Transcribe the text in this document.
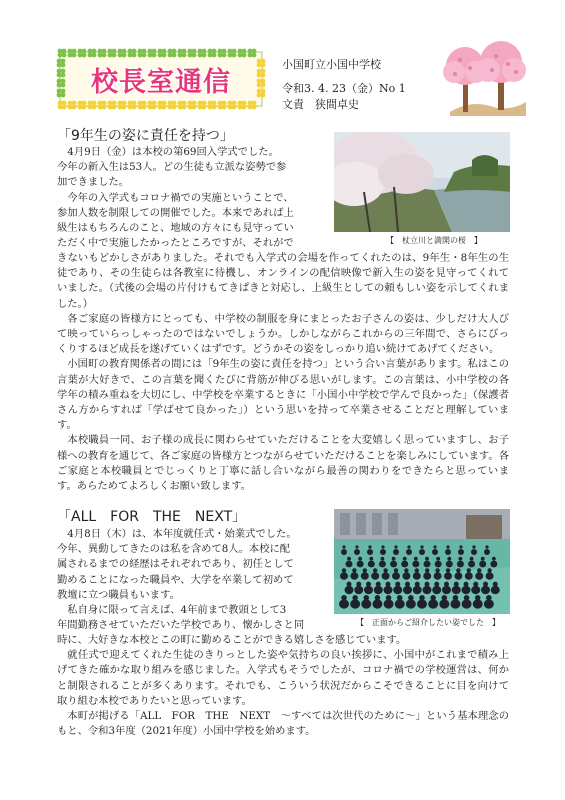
校長室通信
小国町立小国中学校
令和3. 4. 23（金）No 1
文責　狭間卓史
「9年生の姿に責任を持つ」
4月9日（金）は本校の第69回入学式でした。

今年の新入生は53人。どの生徒も立派な姿勢で参
加できました。
今年の入学式もコロナ禍での実施ということで、
参加人数を制限しての開催でした。本来であれば上
級生はもちろんのこと、地域の方々にも見守ってい
ただく中で実施したかったところですが、それがで	【　杖立川と満開の桜　】

きないもどかしさがありました。それでも入学式の会場を作ってくれたのは、9年生・8年生の生徒であり、その生徒らは各教室に待機し、オンラインの配信映像で新入生の姿を見守ってくれていました。（式後の会場の片付けもてきぱきと対応し、上級生としての頼もしい姿を示してくれました。）

各ご家庭の皆様方にとっても、中学校の制服を身にまとったお子さんの姿は、少しだけ大人びて映っていらっしゃったのではないでしょうか。しかしながらこれからの三年間で、さらにびっくりするほど成長を遂げていくはずです。どうかその姿をしっかり追い続けてあげてください。

小国町の教育関係者の間には「9年生の姿に責任を持つ」という合い言葉があります。私はこの言葉が大好きで、この言葉を聞くたびに背筋が伸びる思いがします。この言葉は、小中学校の各学年の積み重ねを大切にし、中学校を卒業するときに「小国小中学校で学んで良かった」（保護者さん方からすれば「学ばせて良かった」）という思いを持って卒業させることだと理解しています。

本校職員一同、お子様の成長に関わらせていただけることを大変嬉しく思っていますし、お子様への教育を通じて、各ご家庭の皆様方とつながらせていただけることを楽しみにしています。各ご家庭と本校職員とでじっくりと丁寧に話し合いながら最善の関わりをできたらと思っています。あらためてよろしくお願い致します。

「ALL　FOR　THE　NEXT」
4月8日（木）は、本年度就任式・始業式でした。
今年、異動してきたのは私を含めて8人。本校に配
属されるまでの経歴はそれぞれであり、初任として
勤めることになった職員や、大学を卒業して初めて
教壇に立つ職員もいます。
私自身に限って言えば、4年前まで教頭として3
年間勤務させていただいた学校であり、懐かしさと同	【　正面からご紹介したい姿でした　】

時に、大好きな本校とこの町に勤めることができる嬉しさを感じています。

就任式で迎えてくれた生徒のきりっとした姿や気持ちの良い挨拶に、小国中がこれまで積み上げてきた確かな取り組みを感じました。入学式もそうでしたが、コロナ禍での学校運営は、何かと制限されることが多くあります。それでも、こういう状況だからこそできることに目を向けて取り組む本校でありたいと思っています。

本町が掲げる「ALL　FOR　THE　NEXT　〜すべては次世代のために〜」という基本理念のもと、令和3年度（2021年度）小国中学校を始めます。
